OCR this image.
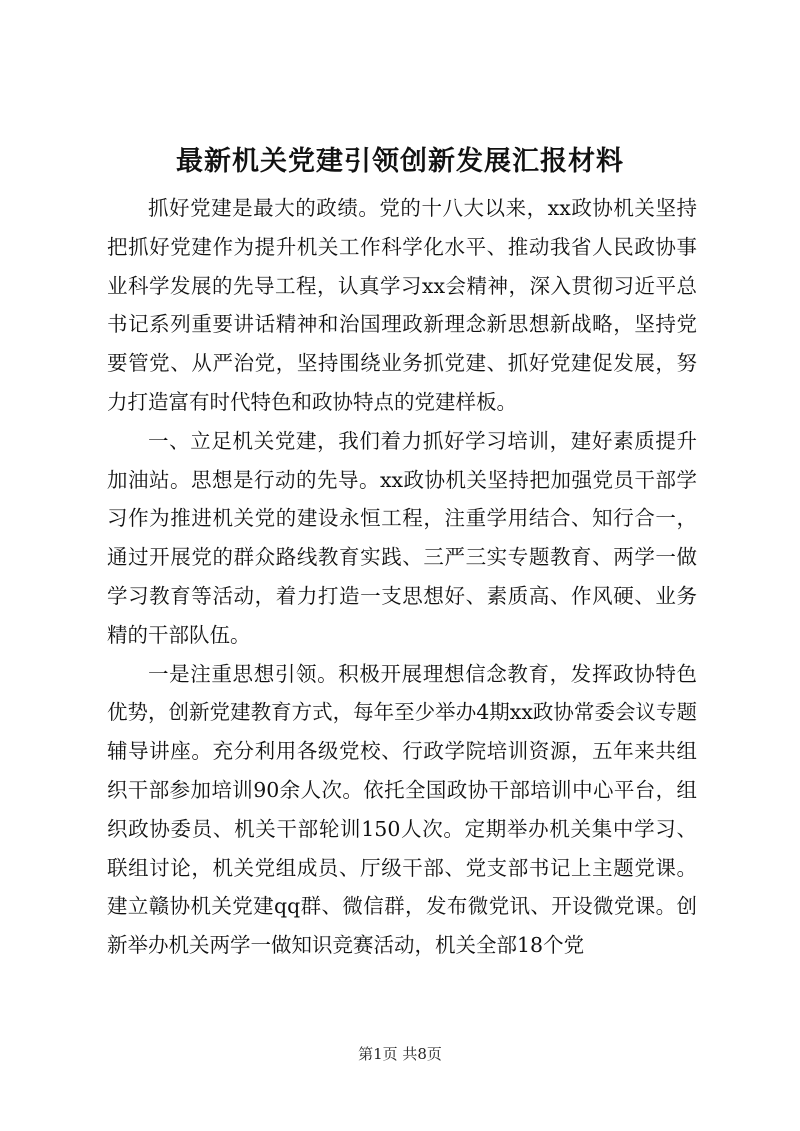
最新机关党建引领创新发展汇报材料

抓好党建是最大的政绩。党的十八大以来，xx政协机关坚持把抓好党建作为提升机关工作科学化水平、推动我省人民政协事业科学发展的先导工程，认真学习xx会精神，深入贯彻习近平总书记系列重要讲话精神和治国理政新理念新思想新战略，坚持党要管党、从严治党，坚持围绕业务抓党建、抓好党建促发展，努力打造富有时代特色和政协特点的党建样板。

一、立足机关党建，我们着力抓好学习培训，建好素质提升加油站。思想是行动的先导。xx政协机关坚持把加强党员干部学习作为推进机关党的建设永恒工程，注重学用结合、知行合一，通过开展党的群众路线教育实践、三严三实专题教育、两学一做学习教育等活动，着力打造一支思想好、素质高、作风硬、业务精的干部队伍。

一是注重思想引领。积极开展理想信念教育，发挥政协特色优势，创新党建教育方式，每年至少举办4期xx政协常委会议专题辅导讲座。充分利用各级党校、行政学院培训资源，五年来共组织干部参加培训90余人次。依托全国政协干部培训中心平台，组织政协委员、机关干部轮训150人次。定期举办机关集中学习、联组讨论，机关党组成员、厅级干部、党支部书记上主题党课。建立赣协机关党建qq群、微信群，发布微党讯、开设微党课。创新举办机关两学一做知识竞赛活动，机关全部18个党

第1页 共8页
